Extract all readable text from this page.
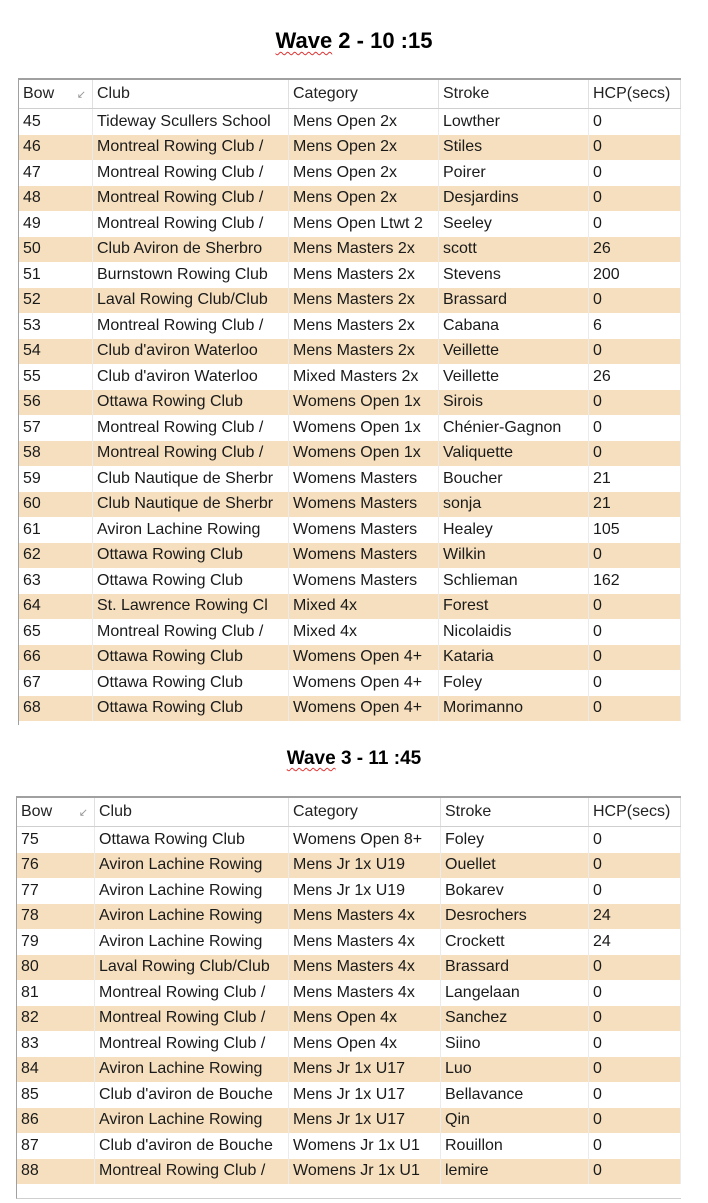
Wave 2 - 10 :15
Bow ↙ Club	Category	Stroke	HCP(secs)
45	Tideway Scullers School	Mens Open 2x	Lowther	0
46	Montreal Rowing Club /	Mens Open 2x	Stiles	0
47	Montreal Rowing Club /	Mens Open 2x	Poirer	0
48	Montreal Rowing Club /	Mens Open 2x	Desjardins	0
49	Montreal Rowing Club /	Mens Open Ltwt 2	Seeley	0
50	Club Aviron de Sherbro	Mens Masters 2x	scott	26
51	Burnstown Rowing Club	Mens Masters 2x	Stevens	200
52	Laval Rowing Club/Club	Mens Masters 2x	Brassard	0
53	Montreal Rowing Club /	Mens Masters 2x	Cabana	6
54	Club d'aviron Waterloo	Mens Masters 2x	Veillette	0
55	Club d'aviron Waterloo	Mixed Masters 2x	Veillette	26
56	Ottawa Rowing Club	Womens Open 1x	Sirois	0
57	Montreal Rowing Club /	Womens Open 1x	Chénier-Gagnon	0
58	Montreal Rowing Club /	Womens Open 1x	Valiquette	0
59	Club Nautique de Sherbr	Womens Masters	Boucher	21
60	Club Nautique de Sherbr	Womens Masters	sonja	21
61	Aviron Lachine Rowing	Womens Masters	Healey	105
62	Ottawa Rowing Club	Womens Masters	Wilkin	0
63	Ottawa Rowing Club	Womens Masters	Schlieman	162
64	St. Lawrence Rowing Cl	Mixed 4x	Forest	0
65	Montreal Rowing Club /	Mixed 4x	Nicolaidis	0
66	Ottawa Rowing Club	Womens Open 4+	Kataria	0
67	Ottawa Rowing Club	Womens Open 4+	Foley	0
68	Ottawa Rowing Club	Womens Open 4+	Morimanno	0
Wave 3 - 11 :45
Bow ↙ Club	Category	Stroke	HCP(secs)
75	Ottawa Rowing Club	Womens Open 8+	Foley	0
76	Aviron Lachine Rowing	Mens Jr 1x U19	Ouellet	0
77	Aviron Lachine Rowing	Mens Jr 1x U19	Bokarev	0
78	Aviron Lachine Rowing	Mens Masters 4x	Desrochers	24
79	Aviron Lachine Rowing	Mens Masters 4x	Crockett	24
80	Laval Rowing Club/Club	Mens Masters 4x	Brassard	0
81	Montreal Rowing Club /	Mens Masters 4x	Langelaan	0
82	Montreal Rowing Club /	Mens Open 4x	Sanchez	0
83	Montreal Rowing Club /	Mens Open 4x	Siino	0
84	Aviron Lachine Rowing	Mens Jr 1x U17	Luo	0
85	Club d'aviron de Bouche	Mens Jr 1x U17	Bellavance	0
86	Aviron Lachine Rowing	Mens Jr 1x U17	Qin	0
87	Club d'aviron de Bouche	Womens Jr 1x U1	Rouillon	0
88	Montreal Rowing Club /	Womens Jr 1x U1	lemire	0
